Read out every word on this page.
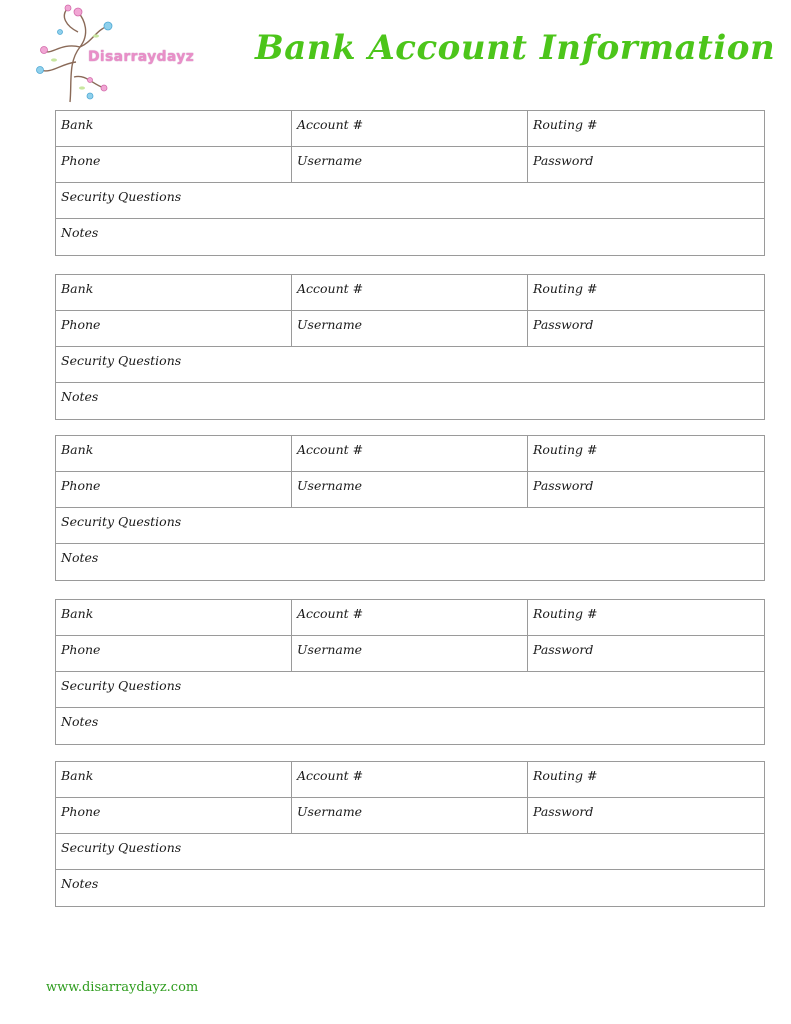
Disarraydayz Bank Account Information
Bank	Account #	Routing #
Phone	Username	Password
Security Questions
Notes
Bank	Account #	Routing #
Phone	Username	Password
Security Questions
Notes
Bank	Account #	Routing #
Phone	Username	Password
Security Questions
Notes
Bank	Account #	Routing #
Phone	Username	Password
Security Questions
Notes
Bank	Account #	Routing #
Phone	Username	Password
Security Questions
Notes
www.disarraydayz.com
